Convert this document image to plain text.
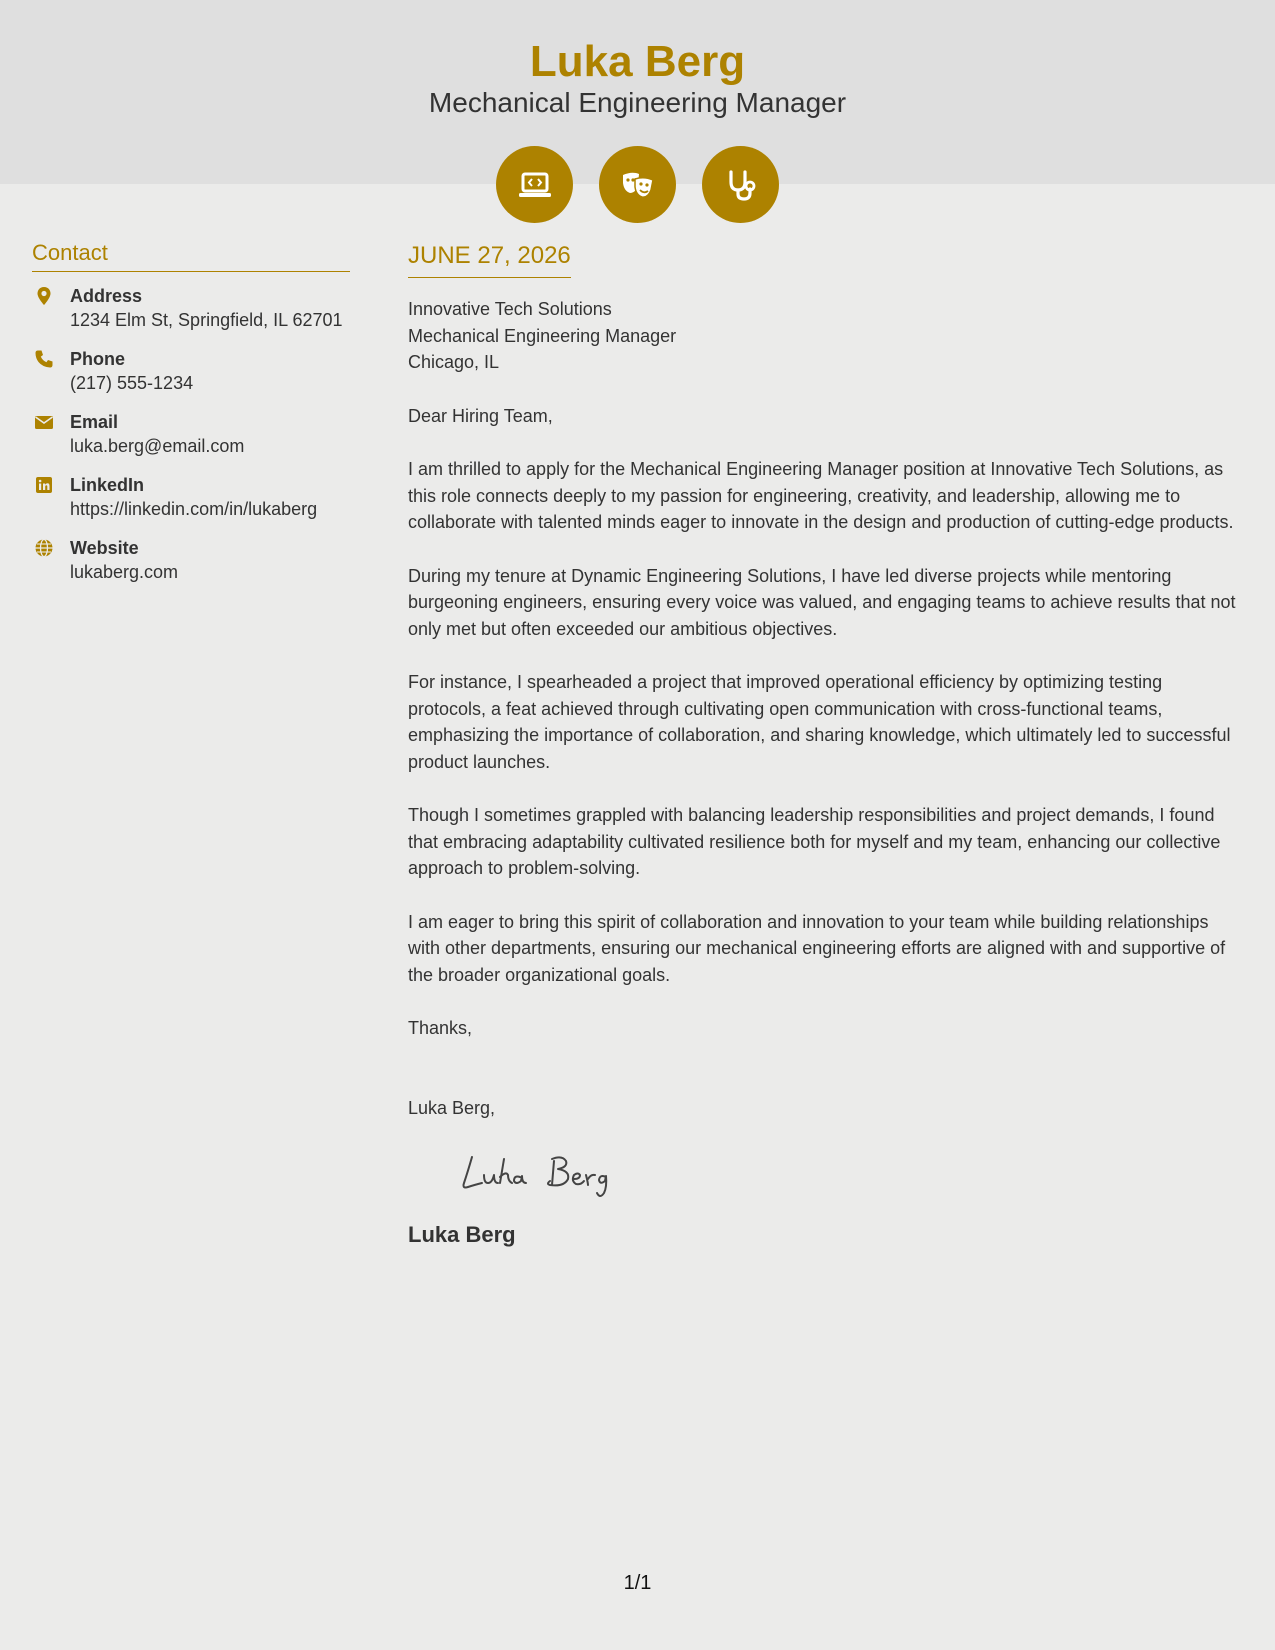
Luka Berg
Mechanical Engineering Manager
Contact
Address
1234 Elm St, Springfield, IL 62701
Phone
(217) 555-1234
Email
luka.berg@email.com
LinkedIn
https://linkedin.com/in/lukaberg
Website
lukaberg.com
JUNE 27, 2026
Innovative Tech Solutions
Mechanical Engineering Manager
Chicago, IL

Dear Hiring Team,

I am thrilled to apply for the Mechanical Engineering Manager position at Innovative Tech Solutions, as this role connects deeply to my passion for engineering, creativity, and leadership, allowing me to collaborate with talented minds eager to innovate in the design and production of cutting-edge products.

During my tenure at Dynamic Engineering Solutions, I have led diverse projects while mentoring burgeoning engineers, ensuring every voice was valued, and engaging teams to achieve results that not only met but often exceeded our ambitious objectives.

For instance, I spearheaded a project that improved operational efficiency by optimizing testing protocols, a feat achieved through cultivating open communication with cross-functional teams, emphasizing the importance of collaboration, and sharing knowledge, which ultimately led to successful product launches.

Though I sometimes grappled with balancing leadership responsibilities and project demands, I found that embracing adaptability cultivated resilience both for myself and my team, enhancing our collective approach to problem-solving.

I am eager to bring this spirit of collaboration and innovation to your team while building relationships with other departments, ensuring our mechanical engineering efforts are aligned with and supportive of the broader organizational goals.

Thanks,

Luka Berg,

Luka Berg
1/1
